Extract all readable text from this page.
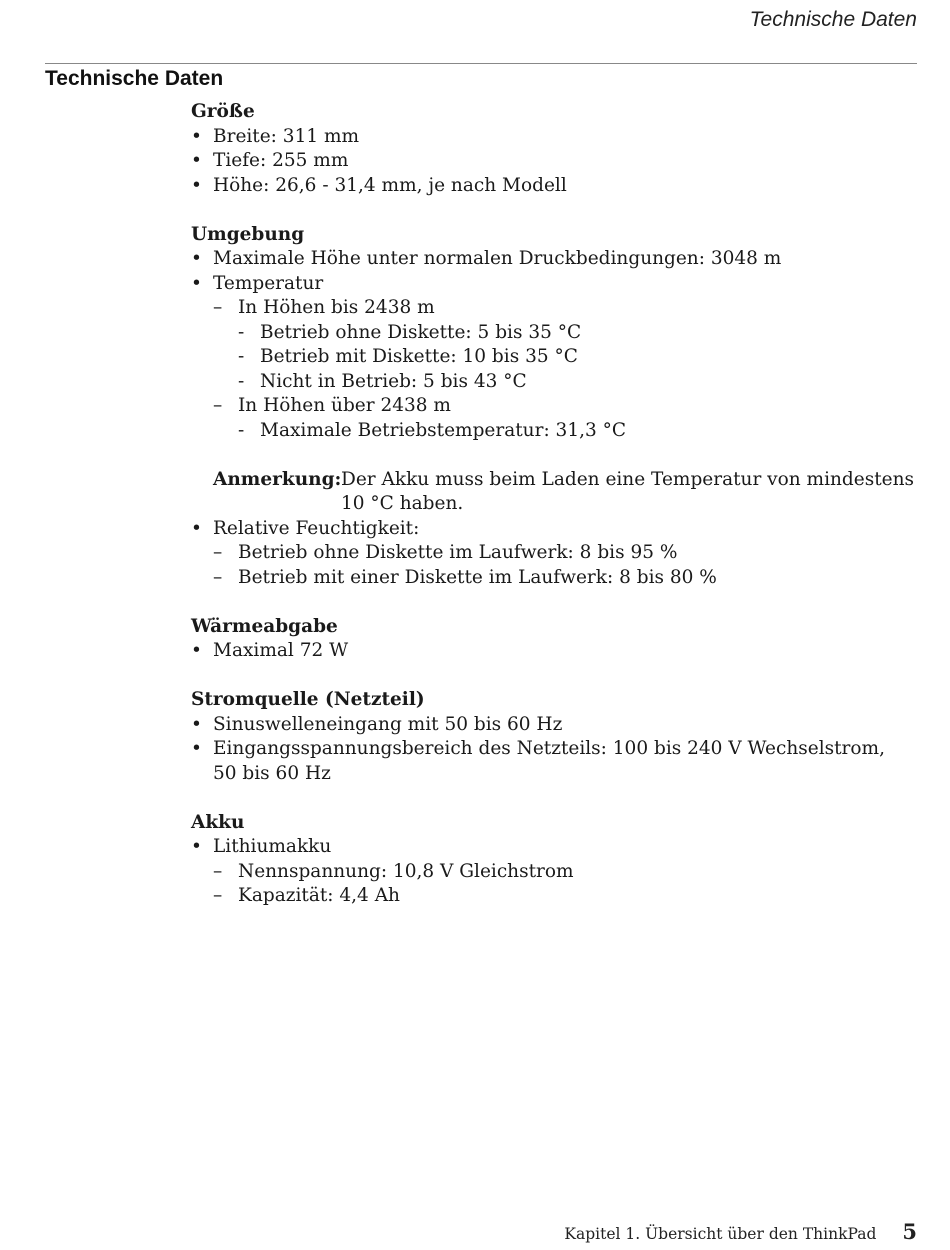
Technische Daten
Technische Daten

Größe

• Breite: 311 mm
• Tiefe: 255 mm
• Höhe: 26,6 - 31,4 mm, je nach Modell

Umgebung

• Maximale Höhe unter normalen Druckbedingungen: 3048 m
• Temperatur
– In Höhen bis 2438 m
- Betrieb ohne Diskette: 5 bis 35 °C
- Betrieb mit Diskette: 10 bis 35 °C
- Nicht in Betrieb: 5 bis 43 °C
– In Höhen über 2438 m
- Maximale Betriebstemperatur: 31,3 °C
Anmerkung: Der Akku muss beim Laden eine Temperatur von mindestens 10 °C haben.
• Relative Feuchtigkeit:
– Betrieb ohne Diskette im Laufwerk: 8 bis 95 %
– Betrieb mit einer Diskette im Laufwerk: 8 bis 80 %

Wärmeabgabe

• Maximal 72 W

Stromquelle (Netzteil)

• Sinuswelleneingang mit 50 bis 60 Hz
• Eingangsspannungsbereich des Netzteils: 100 bis 240 V Wechselstrom,
50 bis 60 Hz

Akku

• Lithiumakku
– Nennspannung: 10,8 V Gleichstrom
– Kapazität: 4,4 Ah
Kapitel 1. Übersicht über den ThinkPad 5
